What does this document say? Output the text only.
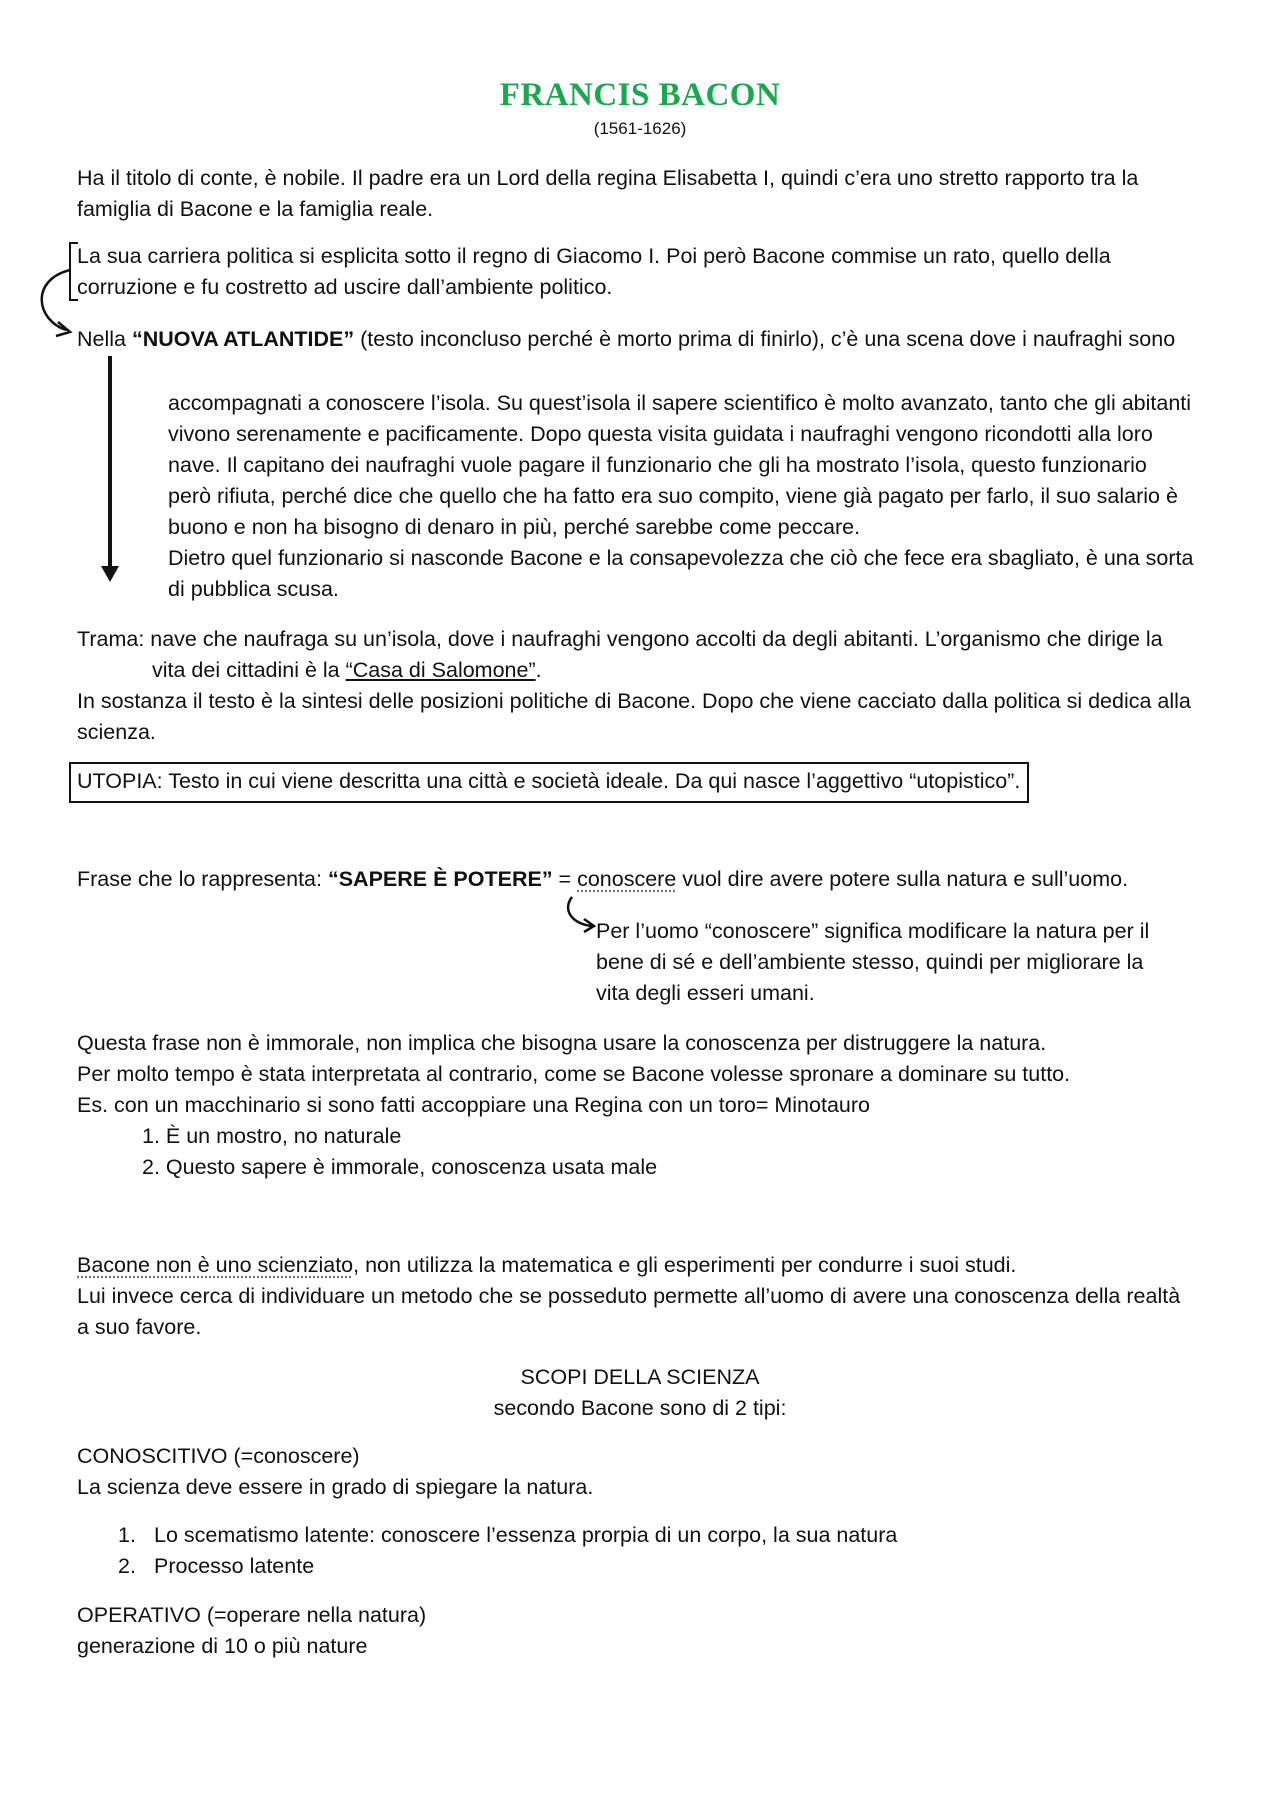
FRANCIS BACON
(1561-1626)
Ha il titolo di conte, è nobile. Il padre era un Lord della regina Elisabetta I, quindi c’era uno stretto rapporto tra la famiglia di Bacone e la famiglia reale.
La sua carriera politica si esplicita sotto il regno di Giacomo I. Poi però Bacone commise un rato, quello della
corruzione e fu costretto ad uscire dall’ambiente politico.
Nella “NUOVA ATLANTIDE” (testo inconcluso perché è morto prima di finirlo), c’è una scena dove i naufraghi sono
accompagnati a conoscere l’isola. Su quest’isola il sapere scientifico è molto avanzato, tanto che gli abitanti
vivono serenamente e pacificamente. Dopo questa visita guidata i naufraghi vengono ricondotti alla loro
nave. Il capitano dei naufraghi vuole pagare il funzionario che gli ha mostrato l’isola, questo funzionario
però rifiuta, perché dice che quello che ha fatto era suo compito, viene già pagato per farlo, il suo salario è
buono e non ha bisogno di denaro in più, perché sarebbe come peccare.
Dietro quel funzionario si nasconde Bacone e la consapevolezza che ciò che fece era sbagliato, è una sorta
di pubblica scusa.
Trama: nave che naufraga su un’isola, dove i naufraghi vengono accolti da degli abitanti. L’organismo che dirige la
vita dei cittadini è la “Casa di Salomone”.
In sostanza il testo è la sintesi delle posizioni politiche di Bacone. Dopo che viene cacciato dalla politica si dedica alla
scienza.
UTOPIA: Testo in cui viene descritta una città e società ideale. Da qui nasce l’aggettivo “utopistico”.
Frase che lo rappresenta: “SAPERE È POTERE” = conoscere vuol dire avere potere sulla natura e sull’uomo.
Per l’uomo “conoscere” significa modificare la natura per il
bene di sé e dell’ambiente stesso, quindi per migliorare la
vita degli esseri umani.
Questa frase non è immorale, non implica che bisogna usare la conoscenza per distruggere la natura.
Per molto tempo è stata interpretata al contrario, come se Bacone volesse spronare a dominare su tutto.
Es. con un macchinario si sono fatti accoppiare una Regina con un toro= Minotauro
1. È un mostro, no naturale
2. Questo sapere è immorale, conoscenza usata male
Bacone non è uno scienziato, non utilizza la matematica e gli esperimenti per condurre i suoi studi.
Lui invece cerca di individuare un metodo che se posseduto permette all’uomo di avere una conoscenza della realtà
a suo favore.
SCOPI DELLA SCIENZA
secondo Bacone sono di 2 tipi:
CONOSCITIVO (=conoscere)
La scienza deve essere in grado di spiegare la natura.
1. Lo scematismo latente: conoscere l’essenza prorpia di un corpo, la sua natura
2. Processo latente
OPERATIVO (=operare nella natura)
generazione di 10 o più nature
